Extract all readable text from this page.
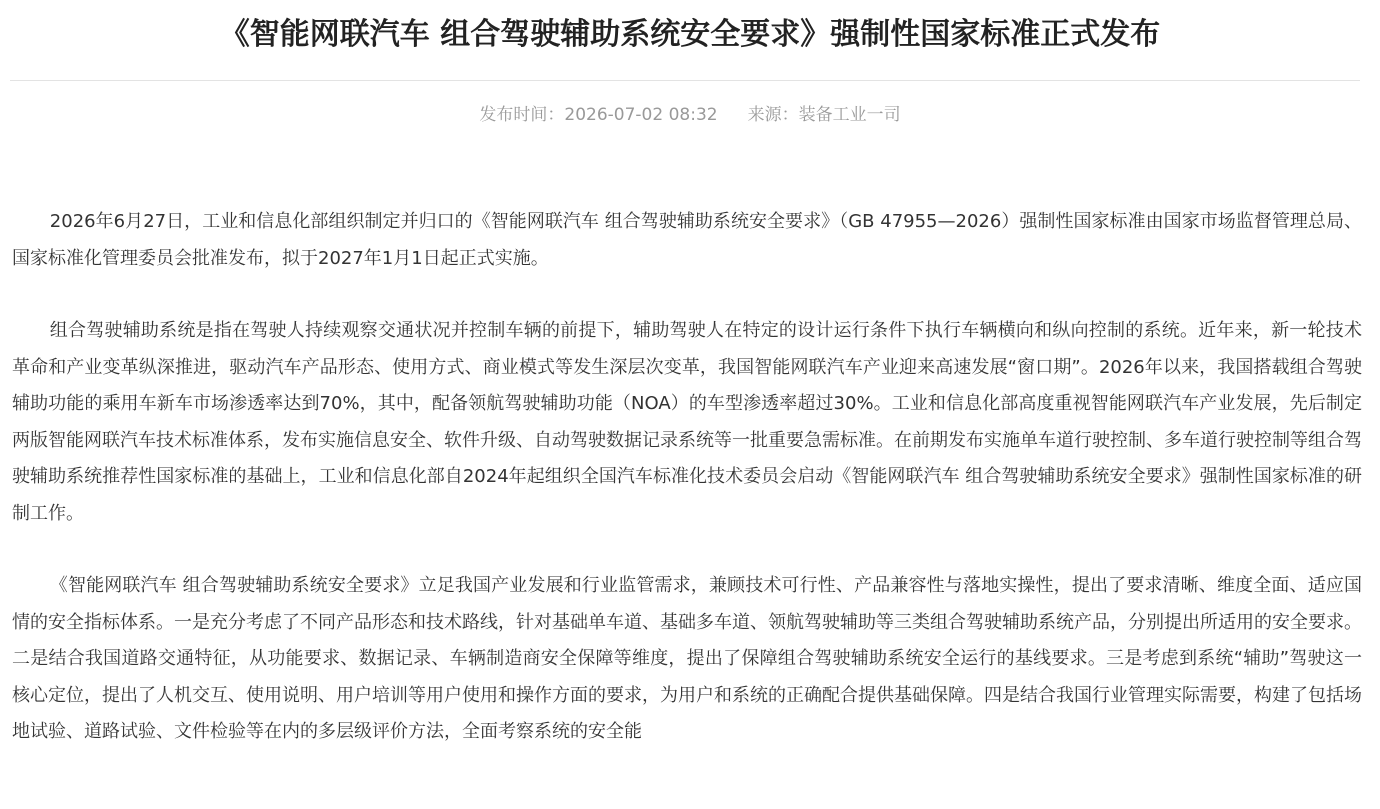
《智能网联汽车 组合驾驶辅助系统安全要求》强制性国家标准正式发布
发布时间：2026-07-02 08:32 来源：装备工业一司

2026年6月27日，工业和信息化部组织制定并归口的《智能网联汽车 组合驾驶辅助系统安全要求》（GB 47955—2026）强制性国家标准由国家市场监督管理总局、国家标准化管理委员会批准发布，拟于2027年1月1日起正式实施。

组合驾驶辅助系统是指在驾驶人持续观察交通状况并控制车辆的前提下，辅助驾驶人在特定的设计运行条件下执行车辆横向和纵向控制的系统。近年来，新一轮技术革命和产业变革纵深推进，驱动汽车产品形态、使用方式、商业模式等发生深层次变革，我国智能网联汽车产业迎来高速发展“窗口期”。2026年以来，我国搭载组合驾驶辅助功能的乘用车新车市场渗透率达到70%，其中，配备领航驾驶辅助功能（NOA）的车型渗透率超过30%。工业和信息化部高度重视智能网联汽车产业发展，先后制定两版智能网联汽车技术标准体系，发布实施信息安全、软件升级、自动驾驶数据记录系统等一批重要急需标准。在前期发布实施单车道行驶控制、多车道行驶控制等组合驾驶辅助系统推荐性国家标准的基础上，工业和信息化部自2024年起组织全国汽车标准化技术委员会启动《智能网联汽车 组合驾驶辅助系统安全要求》强制性国家标准的研制工作。

《智能网联汽车 组合驾驶辅助系统安全要求》立足我国产业发展和行业监管需求，兼顾技术可行性、产品兼容性与落地实操性，提出了要求清晰、维度全面、适应国情的安全指标体系。一是充分考虑了不同产品形态和技术路线，针对基础单车道、基础多车道、领航驾驶辅助等三类组合驾驶辅助系统产品，分别提出所适用的安全要求。二是结合我国道路交通特征，从功能要求、数据记录、车辆制造商安全保障等维度，提出了保障组合驾驶辅助系统安全运行的基线要求。三是考虑到系统“辅助”驾驶这一核心定位，提出了人机交互、使用说明、用户培训等用户使用和操作方面的要求，为用户和系统的正确配合提供基础保障。四是结合我国行业管理实际需要，构建了包括场地试验、道路试验、文件检验等在内的多层级评价方法，全面考察系统的安全能
